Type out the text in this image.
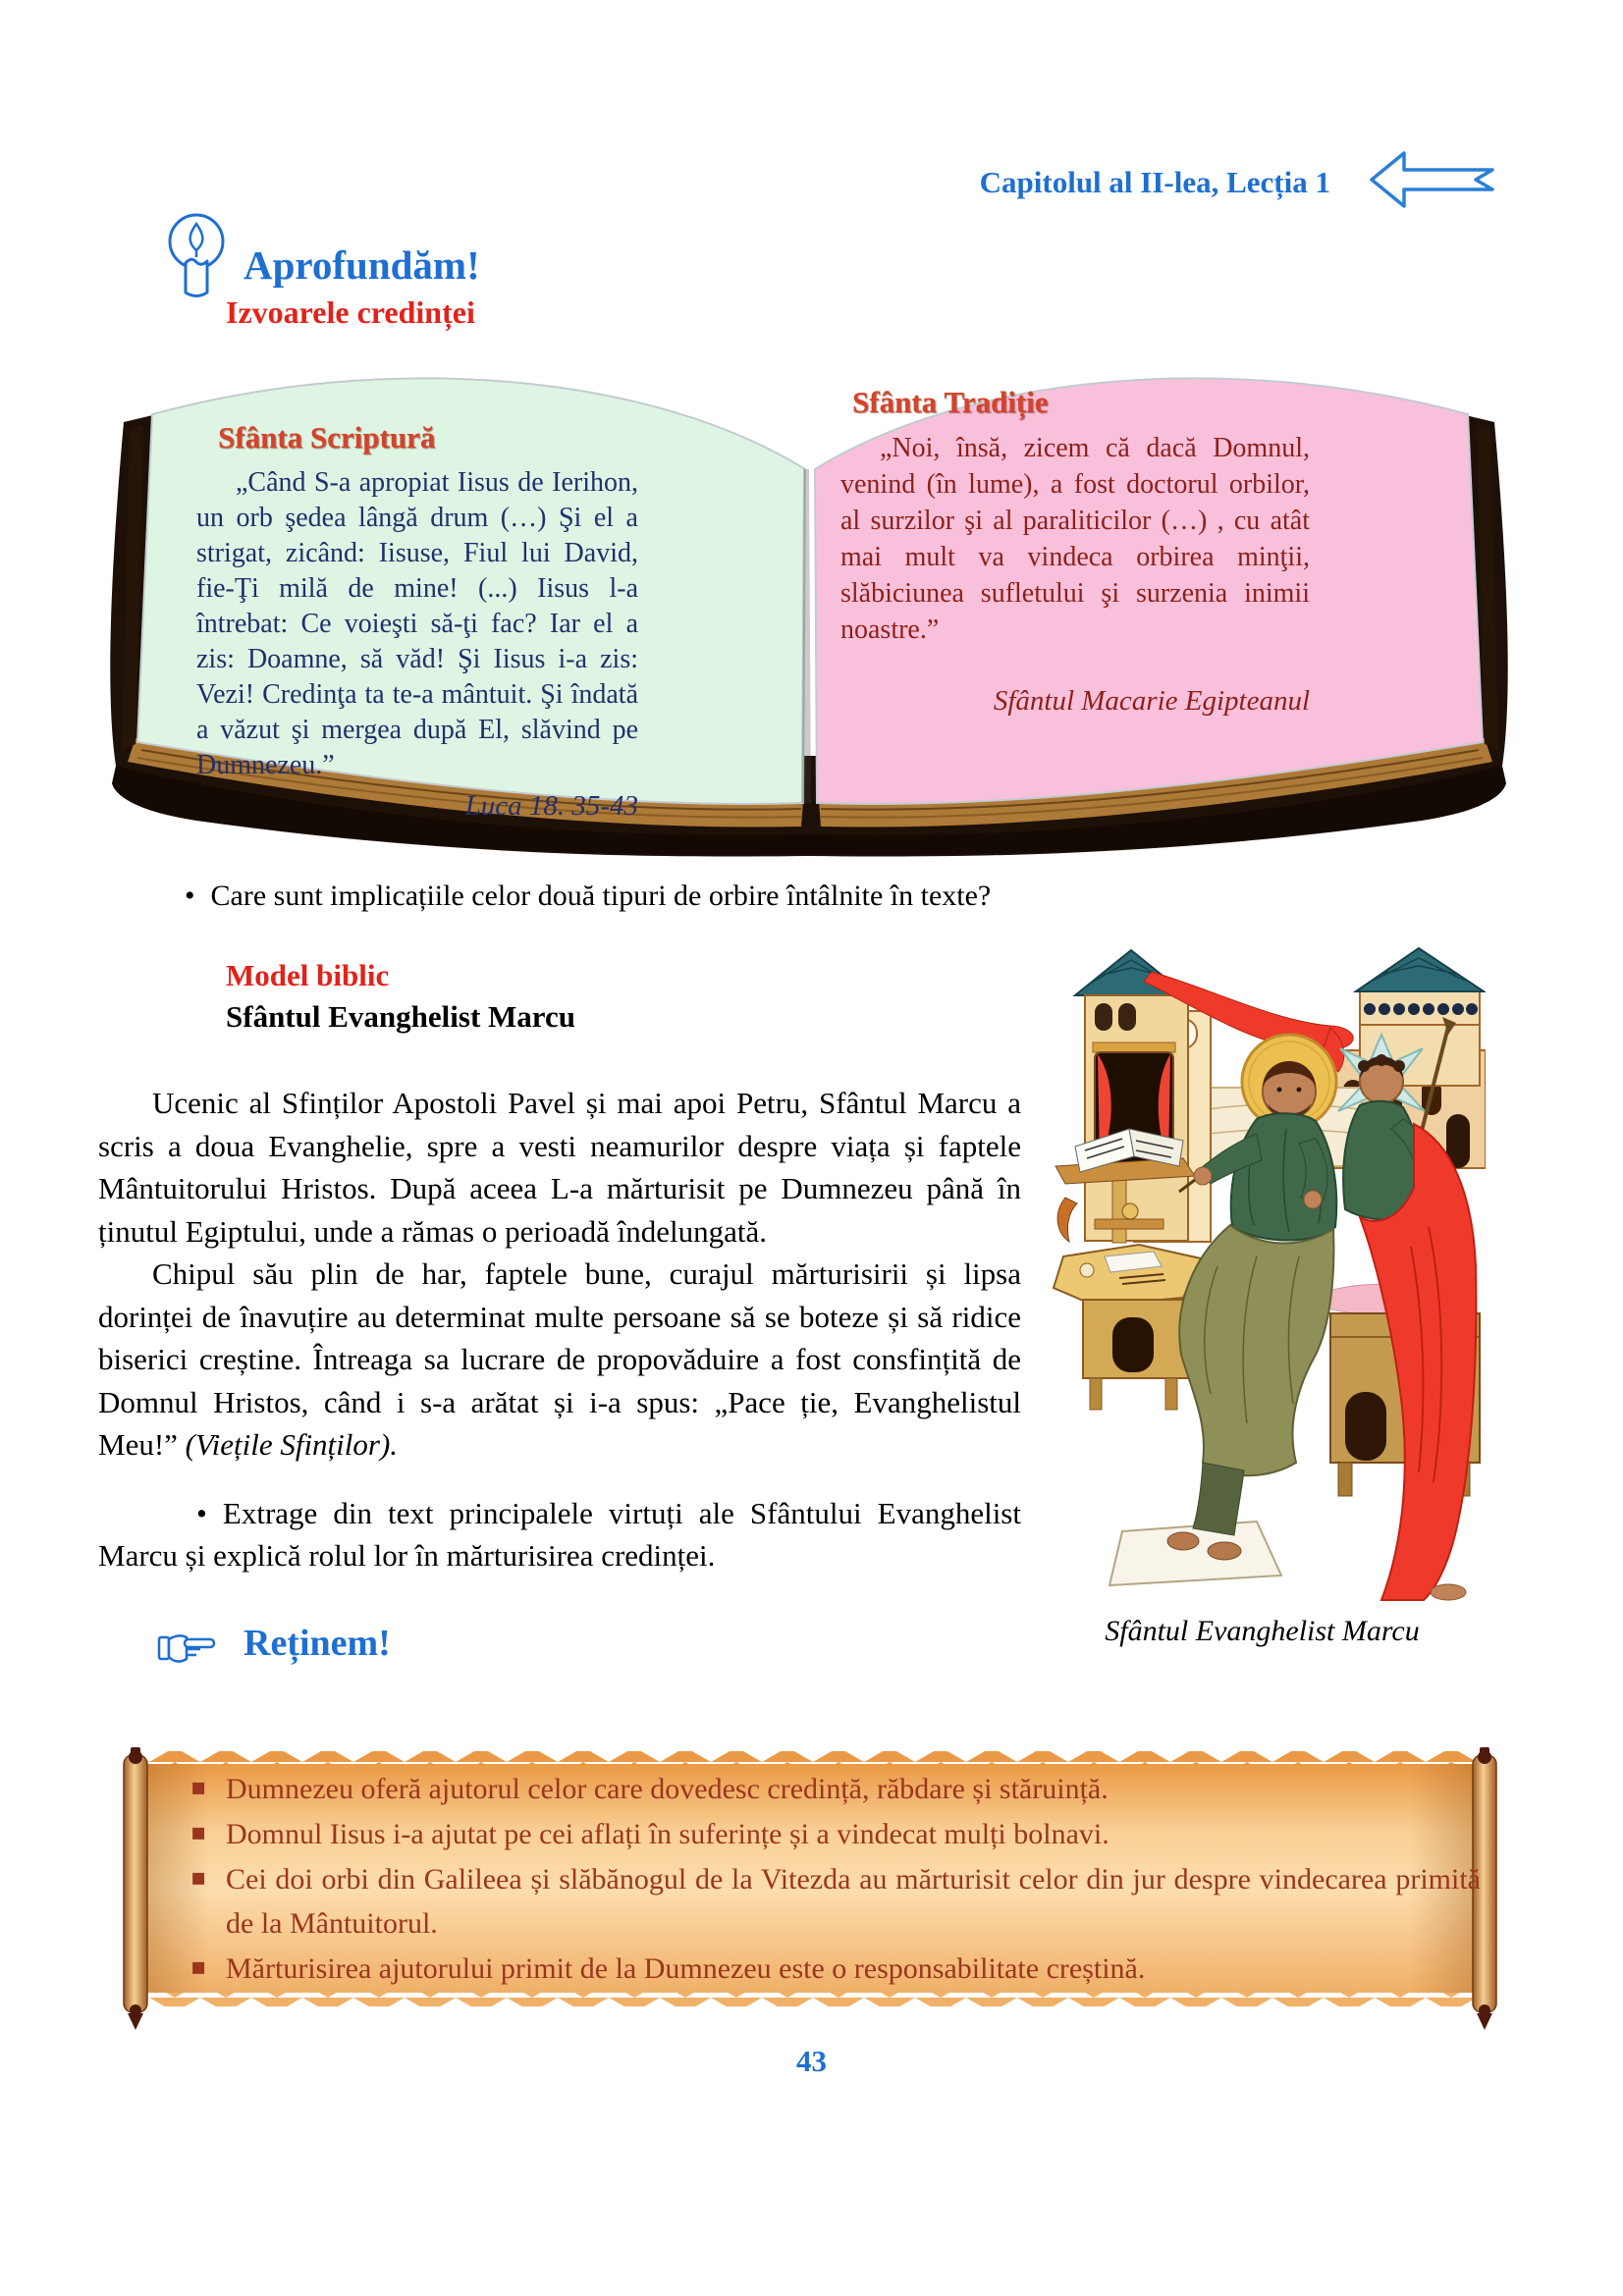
Capitolul al II-lea, Lecția 1
Aprofundăm!
Izvoarele credinței
Sfânta Scriptură

„Când S-a apropiat Iisus de Ierihon, un orb şedea lângă drum (…) Şi el a strigat, zicând: Iisuse, Fiul lui David, fie-Ţi milă de mine! (...) Iisus l-a întrebat: Ce voieşti să-ţi fac? Iar el a zis: Doamne, să văd! Şi Iisus i-a zis: Vezi! Credinţa ta te-a mântuit. Şi îndată a văzut şi mergea după El, slăvind pe Dumnezeu.”

Luca 18. 35-43
Sfânta Tradiție

„Noi, însă, zicem că dacă Domnul, venind (în lume), a fost doctorul orbilor, al surzilor şi al paraliticilor (…) , cu atât mai mult va vindeca orbirea minţii, slăbiciunea sufletului şi surzenia inimii noastre.”

Sfântul Macarie Egipteanul
• Care sunt implicațiile celor două tipuri de orbire întâlnite în texte?
Model biblic
Sfântul Evanghelist Marcu

Ucenic al Sfinților Apostoli Pavel și mai apoi Petru, Sfântul Marcu a scris a doua Evanghelie, spre a vesti neamurilor despre viața și faptele Mântuitorului Hristos. După aceea L-a mărturisit pe Dumnezeu până în ținutul Egiptului, unde a rămas o perioadă îndelungată.

Chipul său plin de har, faptele bune, curajul mărturisirii și lipsa dorinței de înavuțire au determinat multe persoane să se boteze și să ridice biserici creștine. Întreaga sa lucrare de propovăduire a fost consfințită de Domnul Hristos, când i s-a arătat și i-a spus: „Pace ție, Evanghelistul Meu!” (Viețile Sfinților).

• Extrage din text principalele virtuți ale Sfântului Evanghelist Marcu și explică rolul lor în mărturisirea credinței.

Sfântul Evanghelist Marcu
Reținem!
▪ Dumnezeu oferă ajutorul celor care dovedesc credință, răbdare și stăruință.
▪ Domnul Iisus i-a ajutat pe cei aflați în suferințe și a vindecat mulți bolnavi.
▪ Cei doi orbi din Galileea și slăbănogul de la Vitezda au mărturisit celor din jur despre vindecarea primită de la Mântuitorul.
▪ Mărturisirea ajutorului primit de la Dumnezeu este o responsabilitate creștină.
43
